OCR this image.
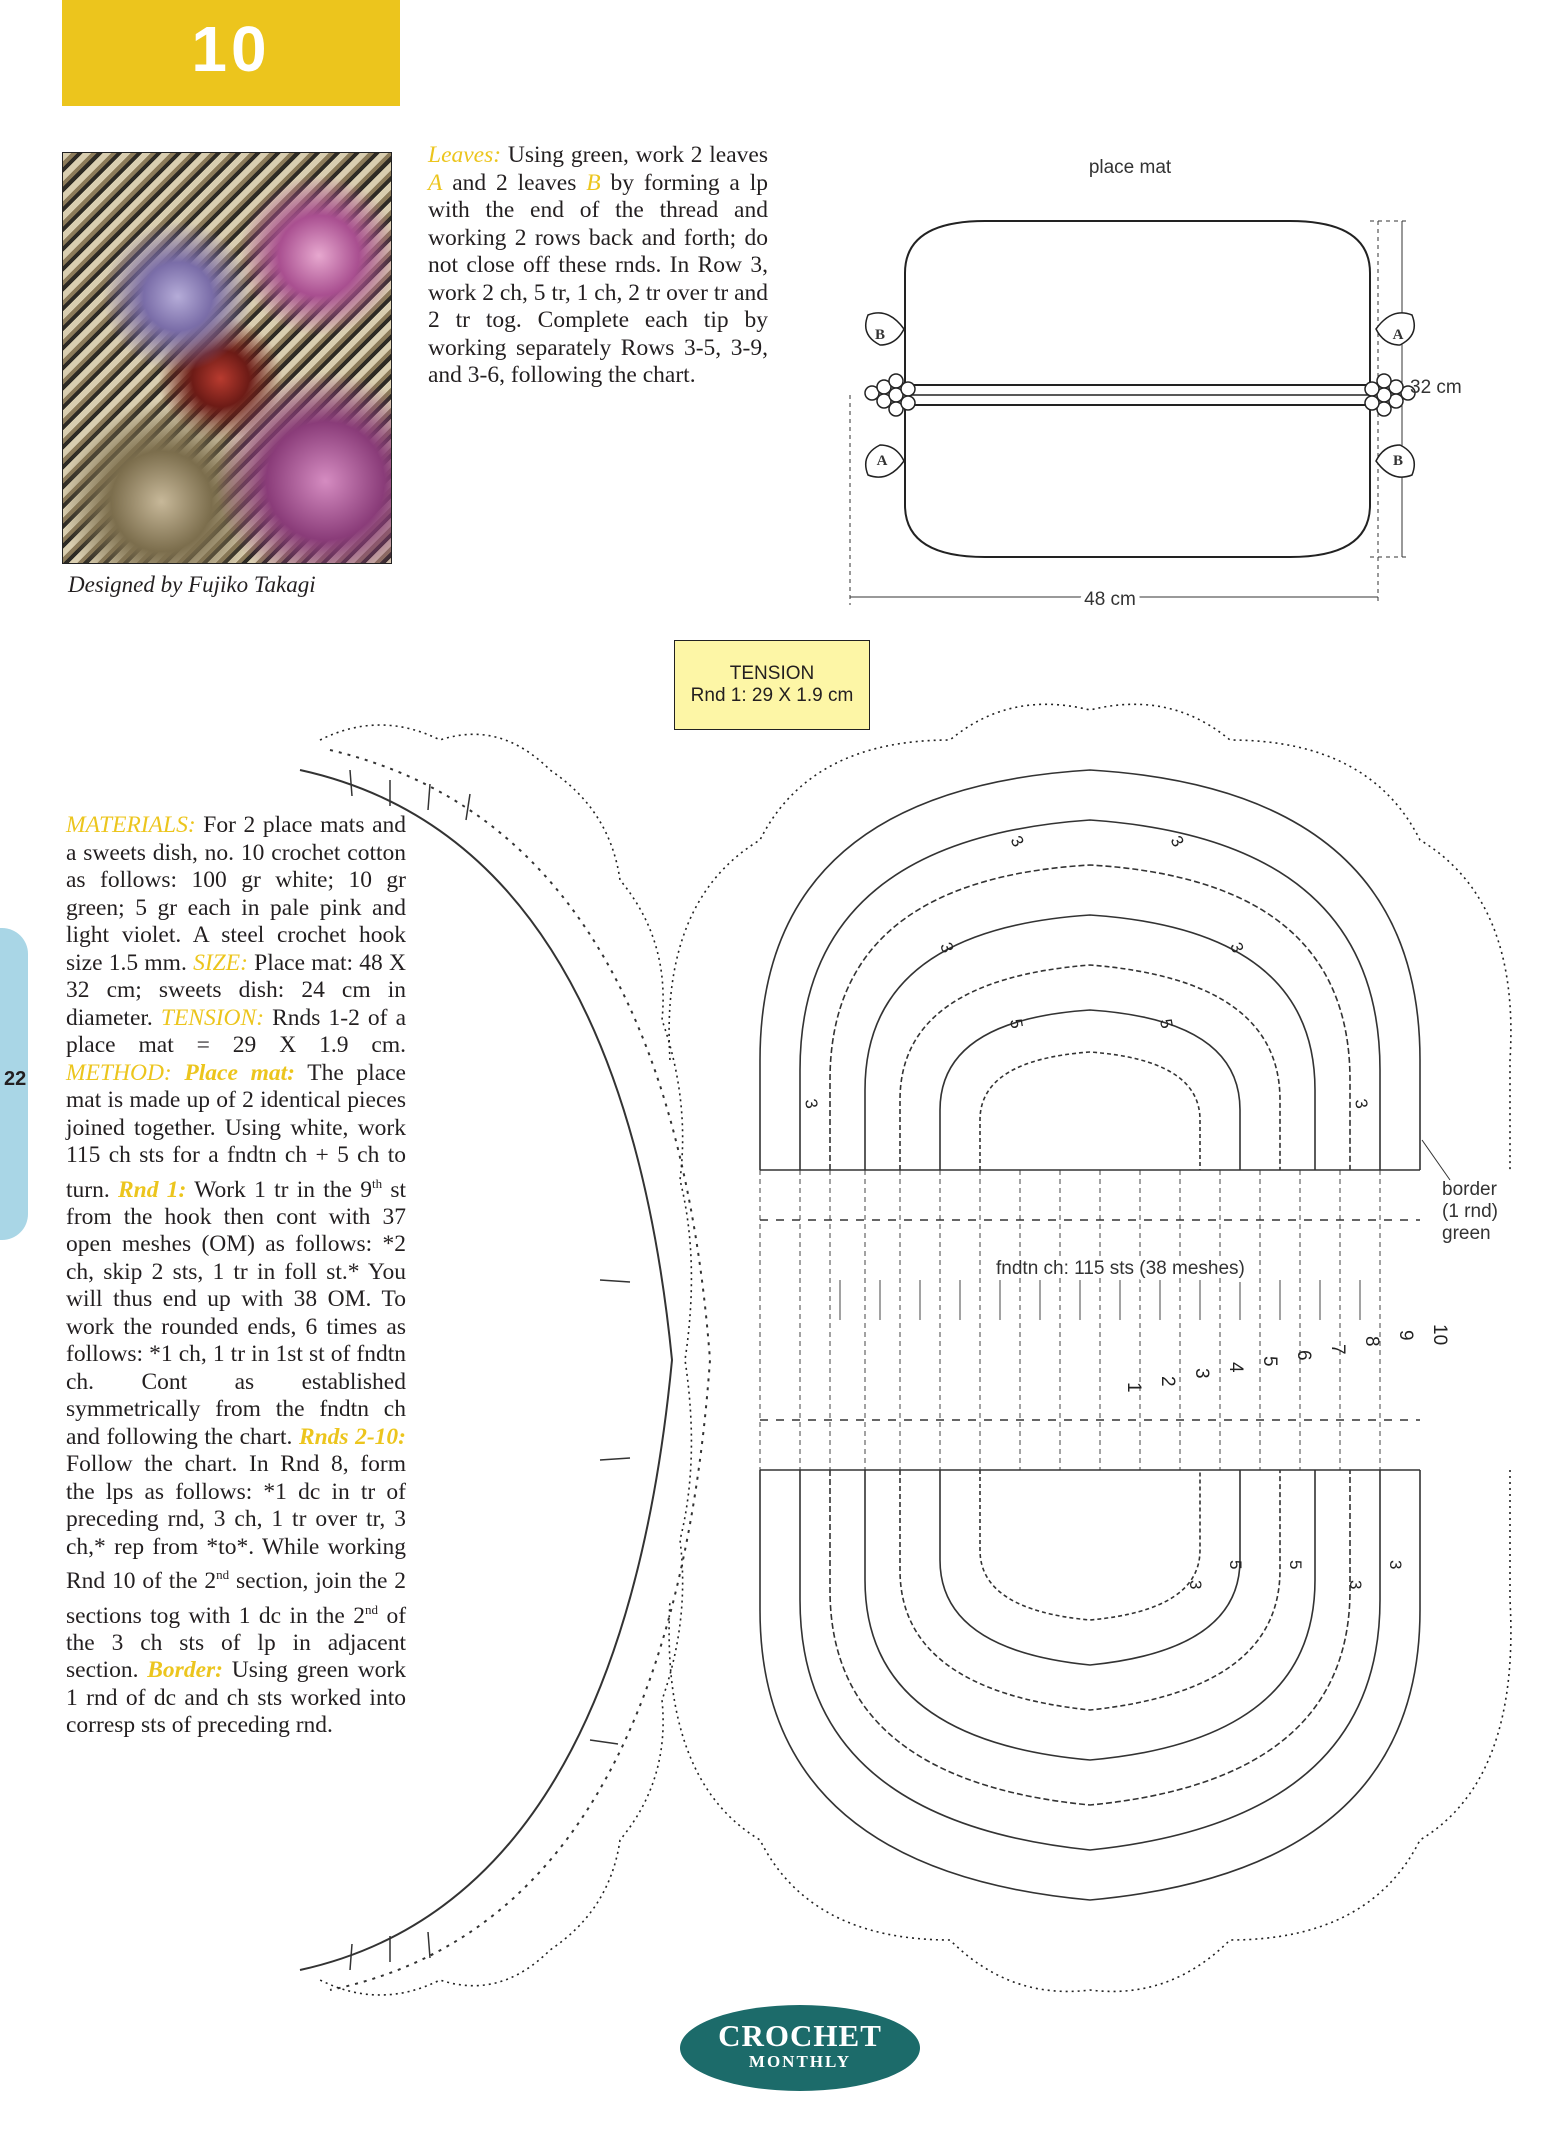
10
Designed by Fujiko Takagi
Leaves: Using green, work 2 leaves A and 2 leaves B by forming a lp with the end of the thread and working 2 rows back and forth; do not close off these rnds. In Row 3, work 2 ch, 5 tr, 1 ch, 2 tr over tr and 2 tr tog. Complete each tip by working separately Rows 3-5, 3-9, and 3-6, following the chart.
place mat
B
A
A
B
48 cm
32 cm
TENSION
Rnd 1: 29 X 1.9 cm
fndtn ch: 115 sts (38 meshes)
1
2
3
4
5
6
7
8
9 10
3	3
3	3
5
5
3	3
5 5
3	3
3
border
(1 rnd)
green
MATERIALS: For 2 place mats and a sweets dish, no. 10 crochet cotton as follows: 100 gr white; 10 gr green; 5 gr each in pale pink and light violet. A steel crochet hook size 1.5 mm. SIZE: Place mat: 48 X 32 cm; sweets dish: 24 cm in diameter. TENSION: Rnds 1-2 of a place mat = 29 X 1.9 cm. METHOD: Place mat: The place mat is made up of 2 identical pieces joined together. Using white, work 115 ch sts for a fndtn ch + 5 ch to turn. Rnd 1: Work 1 tr in the 9th st from the hook then cont with 37 open meshes (OM) as follows: *2 ch, skip 2 sts, 1 tr in foll st.* You will thus end up with 38 OM. To work the rounded ends, 6 times as follows: *1 ch, 1 tr in 1st st of fndtn ch. Cont as established symmetrically from the fndtn ch and following the chart. Rnds 2-10: Follow the chart. In Rnd 8, form the lps as follows: *1 dc in tr of preceding rnd, 3 ch, 1 tr over tr, 3 ch,* rep from *to*. While working Rnd 10 of the 2nd section, join the 2 sections tog with 1 dc in the 2nd of the 3 ch sts of lp in adjacent section. Border: Using green work 1 rnd of dc and ch sts worked into corresp sts of preceding rnd.
22
CROCHET
MONTHLY
